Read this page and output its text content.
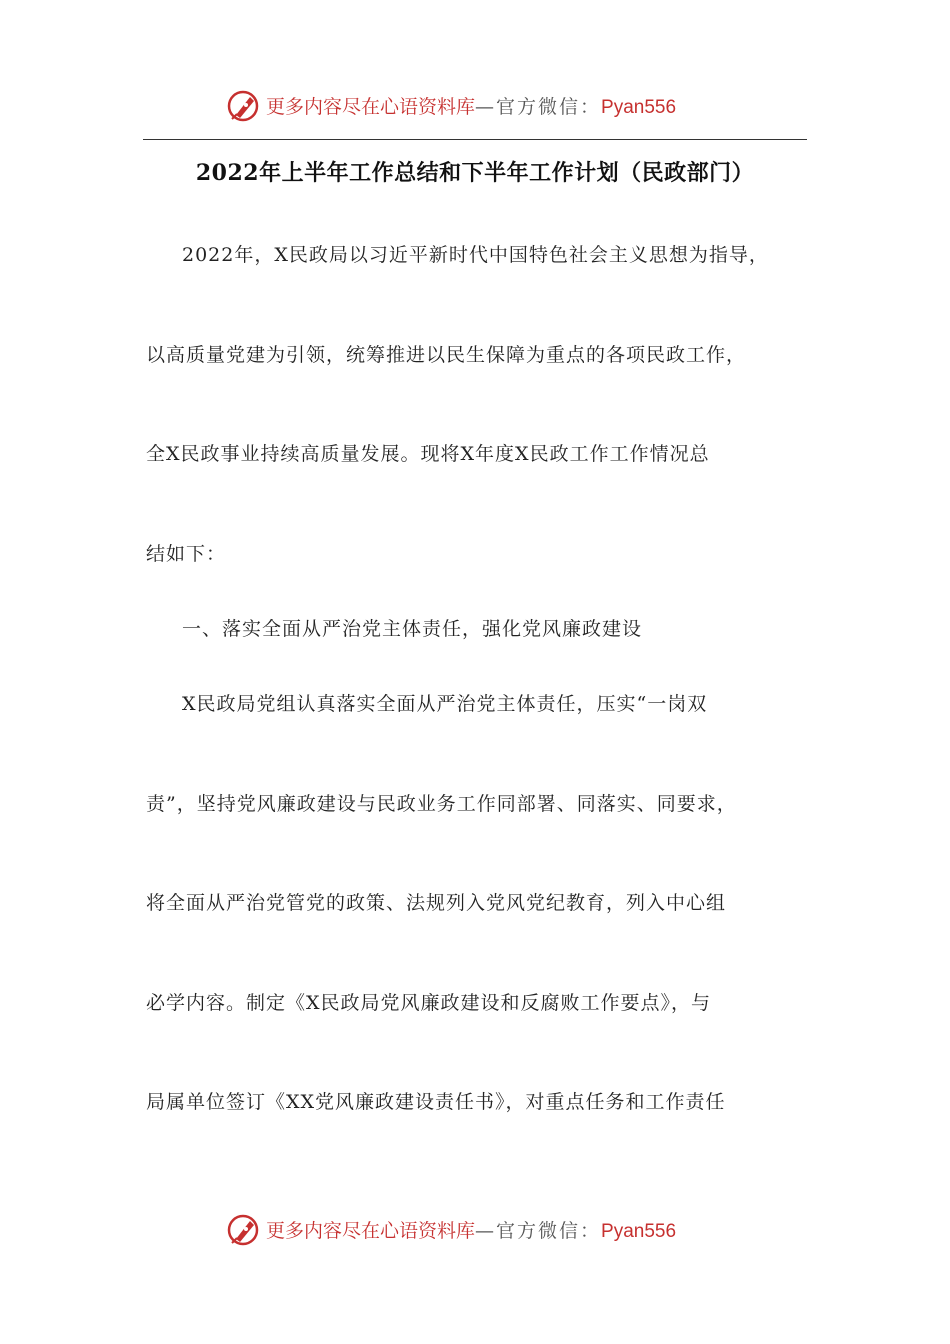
更多内容尽在心语资料库—官方微信：Pyan556
2022年上半年工作总结和下半年工作计划（民政部门）
2022年，X民政局以习近平新时代中国特色社会主义思想为指导，
以高质量党建为引领，统筹推进以民生保障为重点的各项民政工作，
全X民政事业持续高质量发展。现将X年度X民政工作工作情况总
结如下：
一、落实全面从严治党主体责任，强化党风廉政建设
X民政局党组认真落实全面从严治党主体责任，压实“一岗双
责”，坚持党风廉政建设与民政业务工作同部署、同落实、同要求，
将全面从严治党管党的政策、法规列入党风党纪教育，列入中心组
必学内容。制定《X民政局党风廉政建设和反腐败工作要点》，与
局属单位签订《XX党风廉政建设责任书》，对重点任务和工作责任
更多内容尽在心语资料库—官方微信：Pyan556
